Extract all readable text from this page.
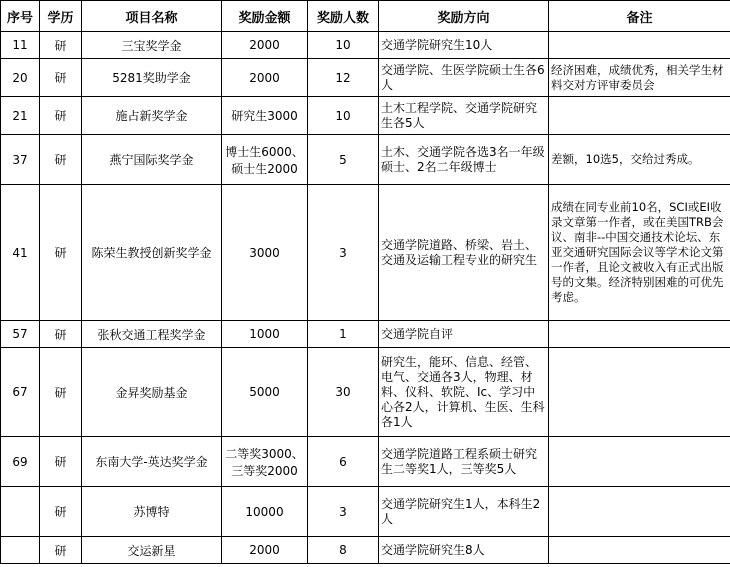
序号	学历	项目名称	奖励金额	奖励人数	奖励方向	备注
11	研	三宝奖学金	2000	10	交通学院研究生10人	
20	研	5281奖助学金	2000	12	交通学院、生医学院硕士生各6人	经济困难，成绩优秀，相关学生材料交对方评审委员会
21	研	施占新奖学金	研究生3000	10	土木工程学院、交通学院研究生各5人	
37	研	燕宁国际奖学金	博士生6000、硕士生2000	5	土木、交通学院各选3名一年级硕士、2名二年级博士	差额，10选5，交给过秀成。
41	研	陈荣生教授创新奖学金	3000	3	交通学院道路、桥梁、岩土、交通及运输工程专业的研究生	成绩在同专业前10名，SCI或EI收录文章第一作者，或在美国TRB会议、南非--中国交通技术论坛、东亚交通研究国际会议等学术论文第一作者，且论文被收入有正式出版号的文集。经济特别困难的可优先考虑。
57	研	张秋交通工程奖学金	1000	1	交通学院自评	
67	研	金昇奖励基金	5000	30	研究生，能环、信息、经管、电气、交通各3人，物理、材料、仪科、软院、Ic、学习中心各2人，计算机、生医、生科各1人	
69	研	东南大学-英达奖学金	二等奖3000、三等奖2000	6	交通学院道路工程系硕士研究生二等奖1人，三等奖5人	
	研	苏博特	10000	3	交通学院研究生1人，本科生2人	
	研	交运新星	2000	8	交通学院研究生8人	
